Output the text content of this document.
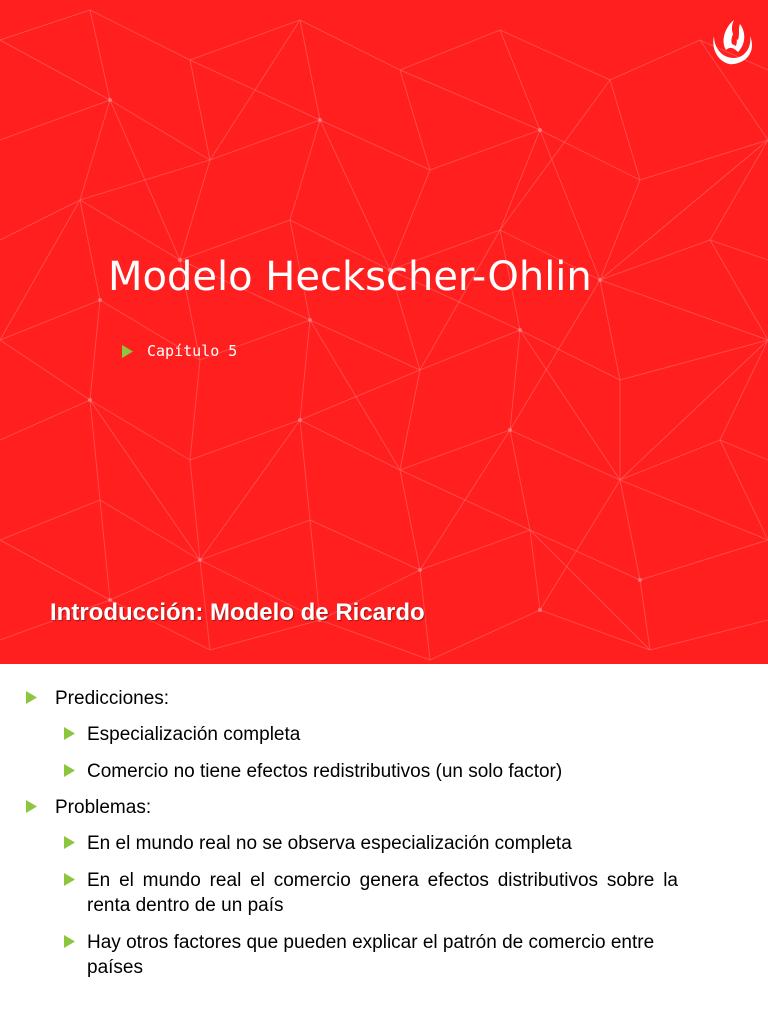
Modelo Heckscher-Ohlin
Capítulo 5
Introducción: Modelo de Ricardo
Predicciones:
Especialización completa
Comercio no tiene efectos redistributivos (un solo factor)
Problemas:
En el mundo real no se observa especialización completa
En el mundo real el comercio genera efectos distributivos sobre la renta dentro de un país
Hay otros factores que pueden explicar el patrón de comercio entre países
